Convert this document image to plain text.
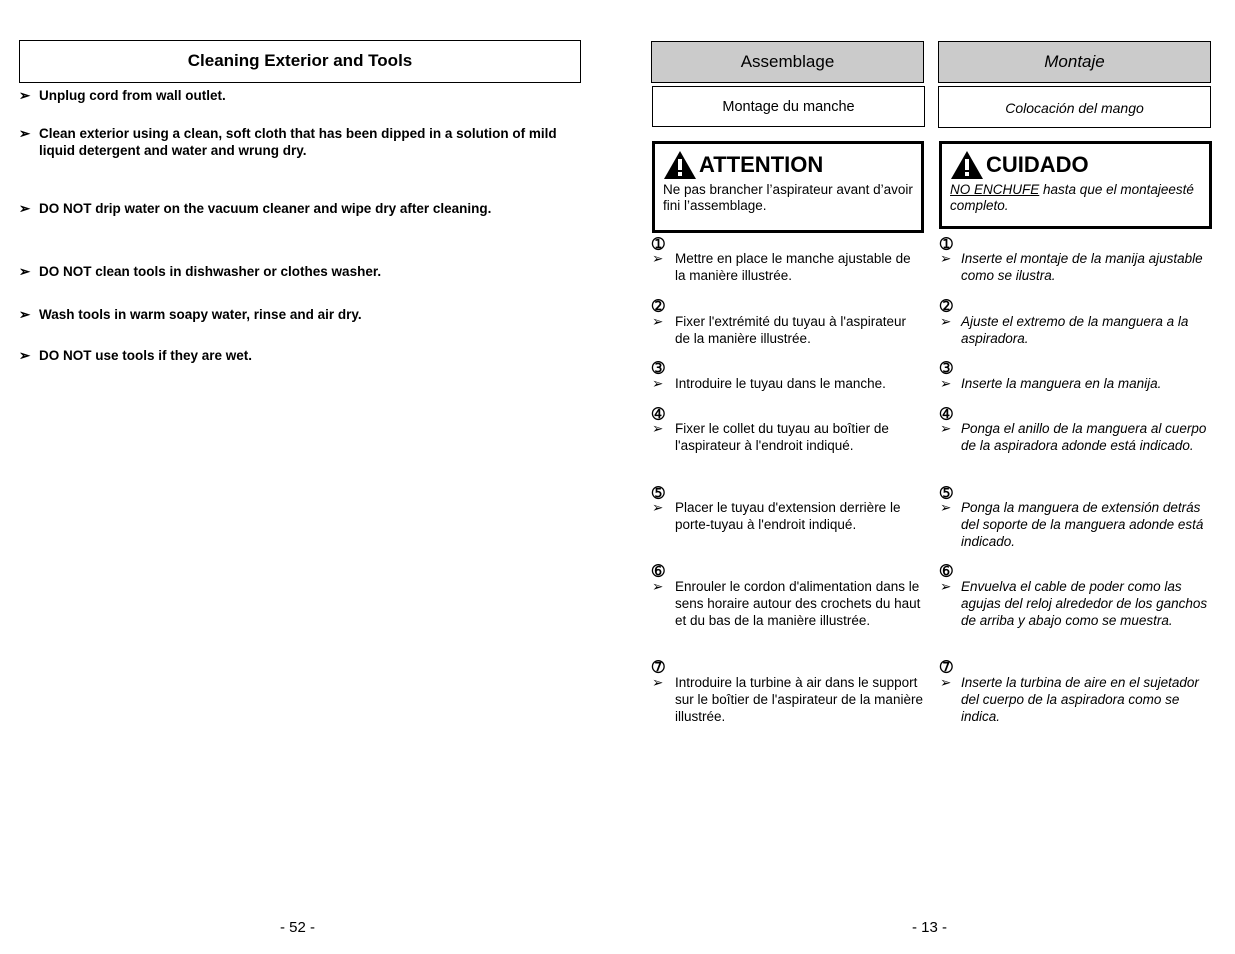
Cleaning Exterior and Tools
➢ Unplug cord from wall outlet.
➢ Clean exterior using a clean, soft cloth that has been dipped in a solution of mild liquid detergent and water and wrung dry.
➢ DO NOT drip water on the vacuum cleaner and wipe dry after cleaning.
➢ DO NOT clean tools in dishwasher or clothes washer.
➢ Wash tools in warm soapy water, rinse and air dry.
➢ DO NOT use tools if they are wet.
- 52 -
Assemblage
Montage du manche
ATTENTION
Ne pas brancher l’aspirateur avant d’avoir fini l’assemblage.
➀
➢ Mettre en place le manche ajustable de la manière illustrée.
➁
➢ Fixer l'extrémité du tuyau à l'aspirateur de la manière illustrée.
➂
➢ Introduire le tuyau dans le manche.
➃
➢ Fixer le collet du tuyau au boîtier de l'aspirateur à l'endroit indiqué.
➄
➢ Placer le tuyau d'extension derrière le porte-tuyau à l'endroit indiqué.
➅
➢ Enrouler le cordon d'alimentation dans le sens horaire autour des crochets du haut et du bas de la manière illustrée.
➆
➢ Introduire la turbine à air dans le support sur le boîtier de l'aspirateur de la manière illustrée.
Montaje
Colocación del mango
CUIDADO
NO ENCHUFE hasta que el montajeesté completo.
➀
➢ Inserte el montaje de la manija ajustable como se ilustra.
➁
➢ Ajuste el extremo de la manguera a la aspiradora.
➂
➢ Inserte la manguera en la manija.
➃
➢ Ponga el anillo de la manguera al cuerpo de la aspiradora adonde está indicado.
➄
➢ Ponga la manguera de extensión detrás del soporte de la manguera adonde está indicado.
➅
➢ Envuelva el cable de poder como las agujas del reloj alrededor de los ganchos de arriba y abajo como se muestra.
➆
➢ Inserte la turbina de aire en el sujetador del cuerpo de la aspiradora como se indica.
- 13 -
